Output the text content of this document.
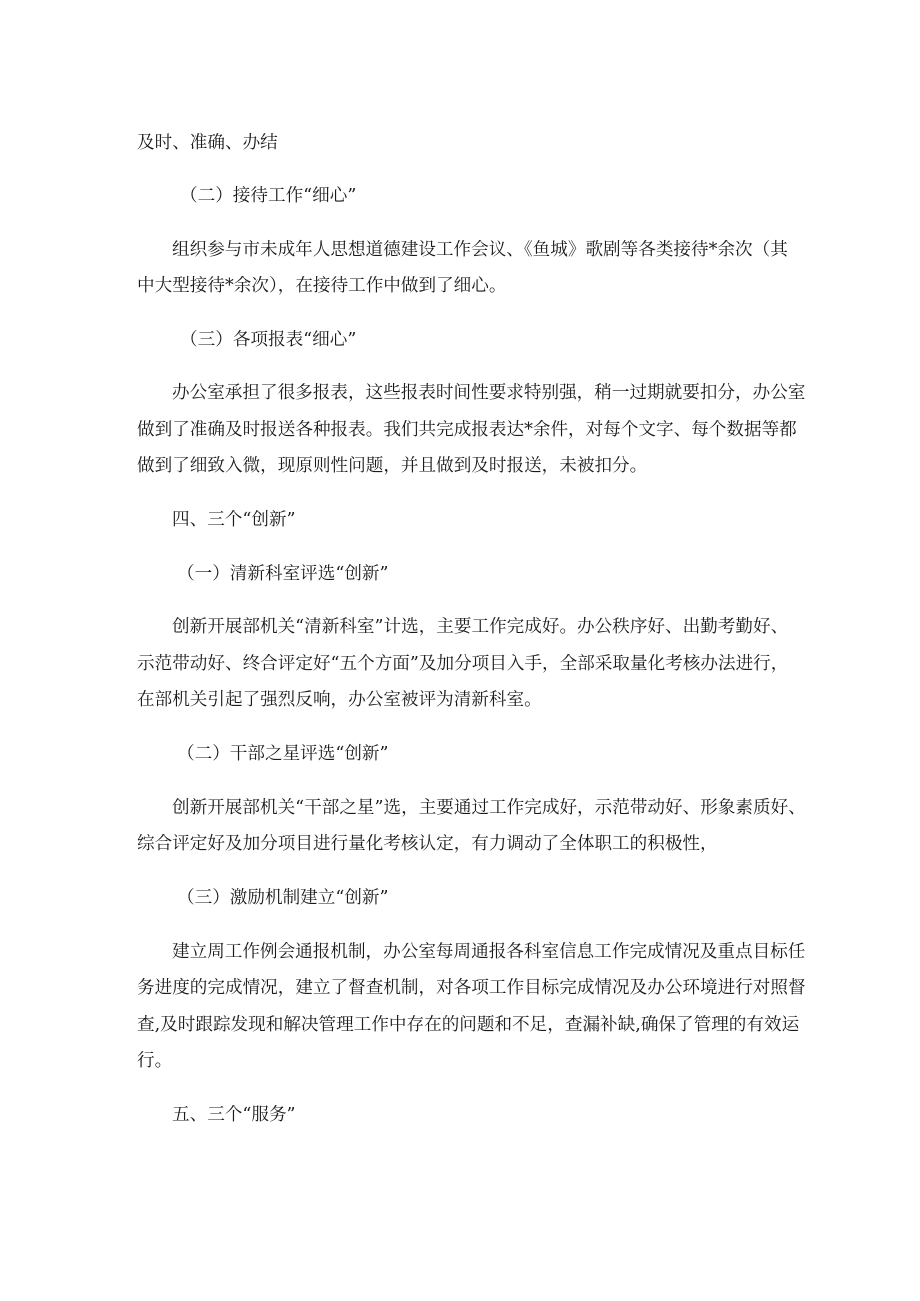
及时、准确、办结
（二）接待工作“细心”
组织参与市未成年人思想道德建设工作会议、《鱼城》歌剧等各类接待*余次（其
中大型接待*余次），在接待工作中做到了细心。
（三）各项报表“细心”
办公室承担了很多报表，这些报表时间性要求特别强，稍一过期就要扣分，办公室
做到了准确及时报送各种报表。我们共完成报表达*余件，对每个文字、每个数据等都
做到了细致入微，现原则性问题，并且做到及时报送，未被扣分。
四、三个“创新”
（一）清新科室评选“创新”
创新开展部机关“清新科室”计选，主要工作完成好。办公秩序好、出勤考勤好、
示范带动好、终合评定好“五个方面”及加分项目入手，全部采取量化考核办法进行，
在部机关引起了强烈反响，办公室被评为清新科室。
（二）干部之星评选“创新”
创新开展部机关“干部之星”选，主要通过工作完成好，示范带动好、形象素质好、
综合评定好及加分项目进行量化考核认定，有力调动了全体职工的积极性，
（三）激励机制建立“创新”
建立周工作例会通报机制，办公室每周通报各科室信息工作完成情况及重点目标任
务进度的完成情况，建立了督查机制，对各项工作目标完成情况及办公环境进行对照督
查,及时跟踪发现和解决管理工作中存在的问题和不足，查漏补缺,确保了管理的有效运
行。
五、三个“服务”
